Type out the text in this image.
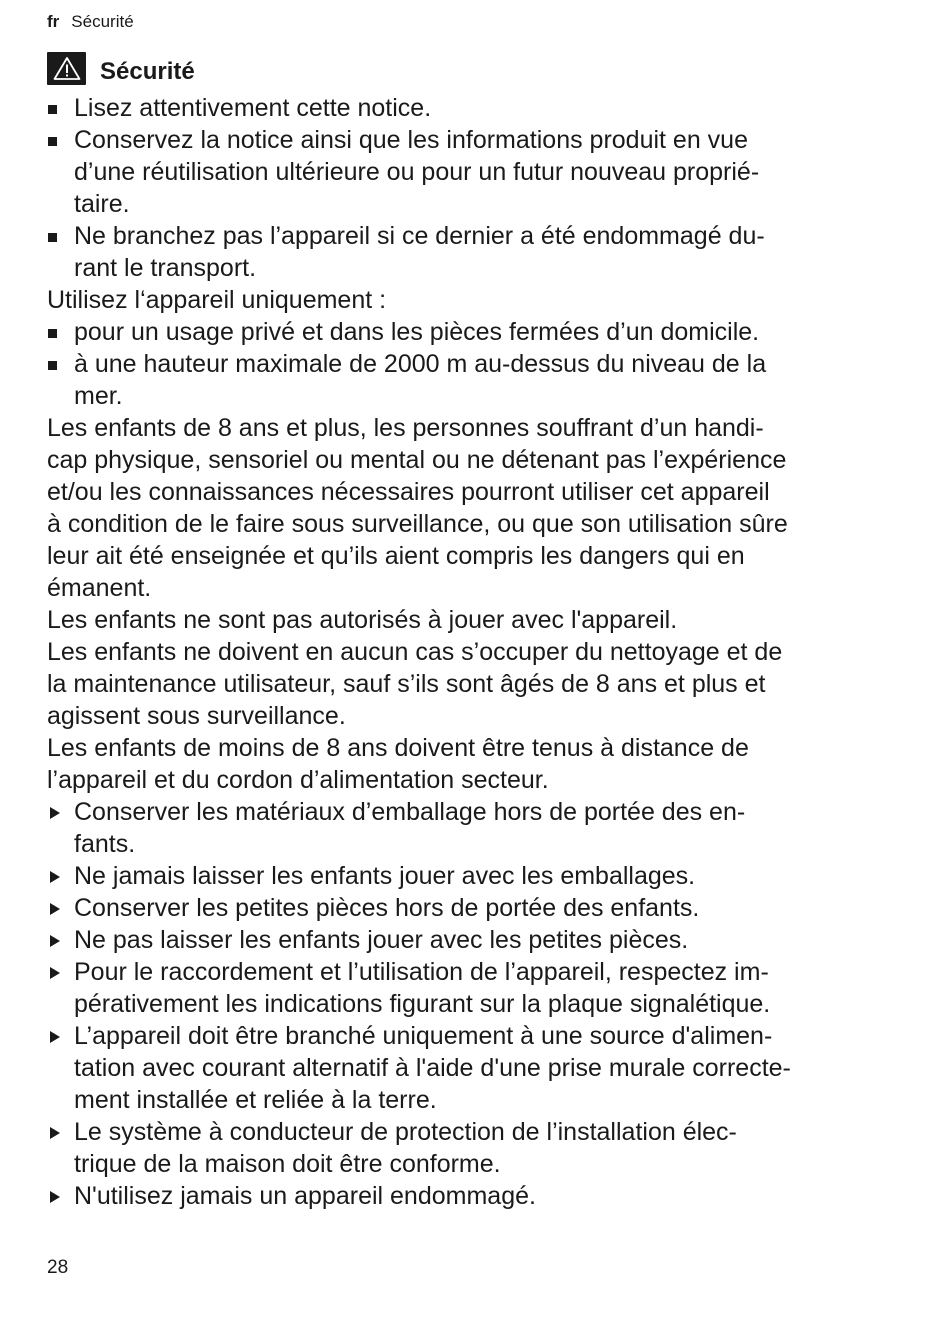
fr Sécurité
Sécurité
Lisez attentivement cette notice.
Conservez la notice ainsi que les informations produit en vue
d’une réutilisation ultérieure ou pour un futur nouveau proprié-
taire.
Ne branchez pas l’appareil si ce dernier a été endommagé du-
rant le transport.

Utilisez l‘appareil uniquement :

pour un usage privé et dans les pièces fermées d’un domicile.
à une hauteur maximale de 2000 m au-dessus du niveau de la
mer.
Les enfants de 8 ans et plus, les personnes souffrant d’un handi-
cap physique, sensoriel ou mental ou ne détenant pas l’expérience
et/ou les connaissances nécessaires pourront utiliser cet appareil
à condition de le faire sous surveillance, ou que son utilisation sûre
leur ait été enseignée et qu’ils aient compris les dangers qui en
émanent.
Les enfants ne sont pas autorisés à jouer avec l'appareil.
Les enfants ne doivent en aucun cas s’occuper du nettoyage et de
la maintenance utilisateur, sauf s’ils sont âgés de 8 ans et plus et
agissent sous surveillance.
Les enfants de moins de 8 ans doivent être tenus à distance de
l’appareil et du cordon d’alimentation secteur.
Conserver les matériaux d’emballage hors de portée des en-
fants.
Ne jamais laisser les enfants jouer avec les emballages.
Conserver les petites pièces hors de portée des enfants.
Ne pas laisser les enfants jouer avec les petites pièces.
Pour le raccordement et l’utilisation de l’appareil, respectez im-
pérativement les indications figurant sur la plaque signalétique.
L’appareil doit être branché uniquement à une source d'alimen-
tation avec courant alternatif à l'aide d'une prise murale correcte-
ment installée et reliée à la terre.
Le système à conducteur de protection de l’installation élec-
trique de la maison doit être conforme.
N'utilisez jamais un appareil endommagé.
28
